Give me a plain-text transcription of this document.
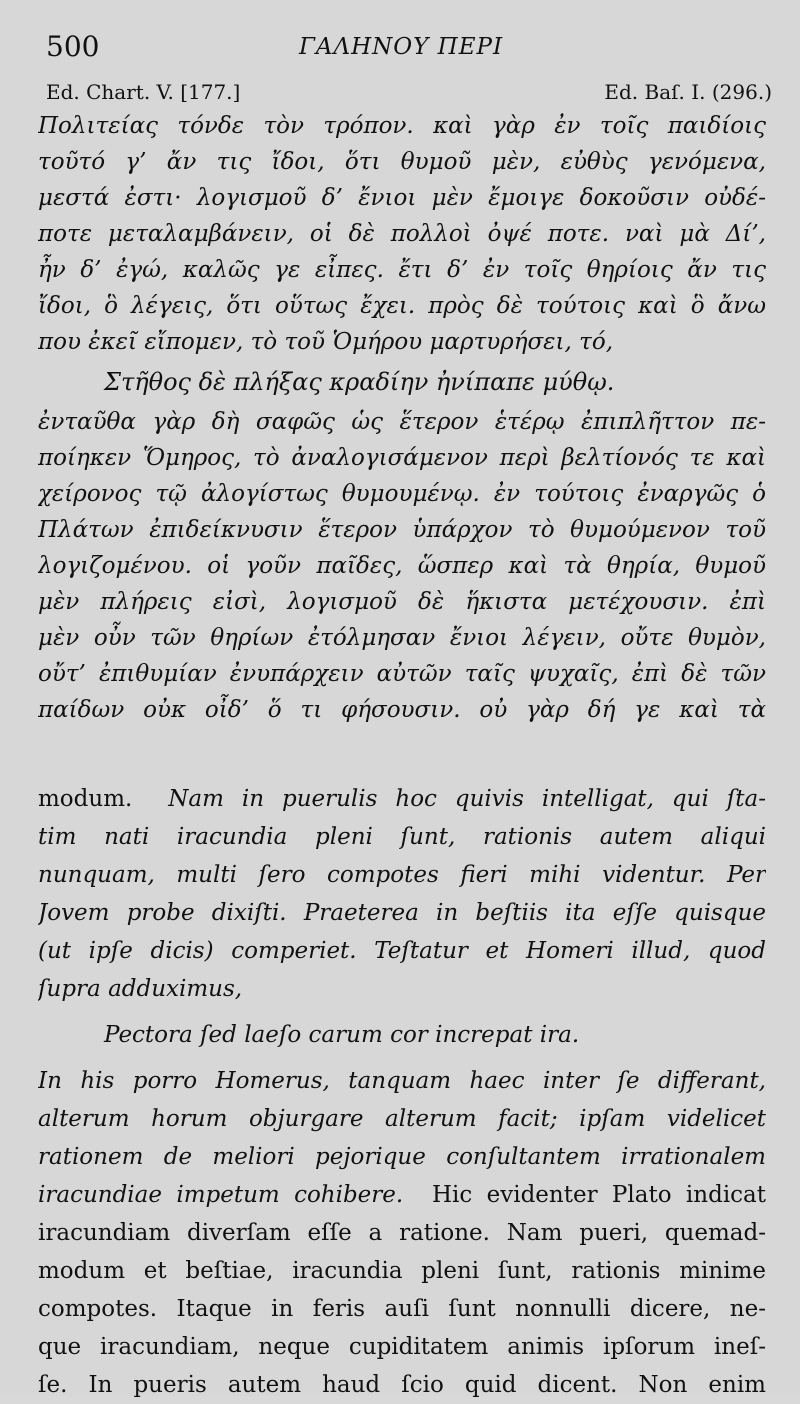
500	ΓΑΛΗΝΟΥ ΠΕΡΙ
Ed. Chart. V. [177.]	Ed. Baſ. I. (296.)
Πολιτείας τόνδε τὸν τρόπον. καὶ γὰρ ἐν τοῖς παιδίοις
τοῦτό γ’ ἄν τις ἴδοι, ὅτι θυμοῦ μὲν, εὐθὺς γενόμενα,
μεστά ἐστι· λογισμοῦ δ’ ἔνιοι μὲν ἔμοιγε δοκοῦσιν οὐδέ-
ποτε μεταλαμβάνειν, οἱ δὲ πολλοὶ ὀψέ ποτε. ναὶ μὰ Δί’,
ἦν δ’ ἐγώ, καλῶς γε εἶπες. ἔτι δ’ ἐν τοῖς θηρίοις ἄν τις
ἴδοι, ὃ λέγεις, ὅτι οὕτως ἔχει. πρὸς δὲ τούτοις καὶ ὃ ἄνω
που ἐκεῖ εἴπομεν, τὸ τοῦ Ὁμήρου μαρτυρήσει, τό,
Στῆθος δὲ πλήξας κραδίην ἠνίπαπε μύθῳ.
ἐνταῦθα γὰρ δὴ σαφῶς ὡς ἕτερον ἑτέρῳ ἐπιπλῆττον πε-
ποίηκεν Ὅμηρος, τὸ ἀναλογισάμενον περὶ βελτίονός τε καὶ
χείρονος τῷ ἀλογίστως θυμουμένῳ. ἐν τούτοις ἐναργῶς ὁ
Πλάτων ἐπιδείκνυσιν ἕτερον ὑπάρχον τὸ θυμούμενον τοῦ
λογιζομένου. οἱ γοῦν παῖδες, ὥσπερ καὶ τὰ θηρία, θυμοῦ
μὲν πλήρεις εἰσὶ, λογισμοῦ δὲ ἥκιστα μετέχουσιν. ἐπὶ
μὲν οὖν τῶν θηρίων ἐτόλμησαν ἔνιοι λέγειν, οὔτε θυμὸν,
οὔτ’ ἐπιθυμίαν ἐνυπάρχειν αὐτῶν ταῖς ψυχαῖς, ἐπὶ δὲ τῶν
παίδων οὐκ οἶδ’ ὅ τι φήσουσιν. οὐ γὰρ δή γε καὶ τὰ
modum. Nam in puerulis hoc quivis intelligat, qui ſta-
tim nati iracundia pleni ſunt, rationis autem aliqui
nunquam, multi ſero compotes fieri mihi videntur. Per
Jovem probe dixiſti. Praeterea in beſtiis ita eſſe quisque
(ut ipſe dicis) comperiet. Teſtatur et Homeri illud, quod
ſupra adduximus,
Pectora ſed laeſo carum cor increpat ira.
In his porro Homerus, tanquam haec inter ſe differant,
alterum horum objurgare alterum facit; ipſam videlicet
rationem de meliori pejorique conſultantem irrationalem
iracundiae impetum cohibere. Hic evidenter Plato indicat
iracundiam diverſam eſſe a ratione. Nam pueri, quemad-
modum et beſtiae, iracundia pleni ſunt, rationis minime
compotes. Itaque in feris auſi ſunt nonnulli dicere, ne-
que iracundiam, neque cupiditatem animis ipſorum ineſ-
ſe. In pueris autem haud ſcio quid dicent. Non enim
